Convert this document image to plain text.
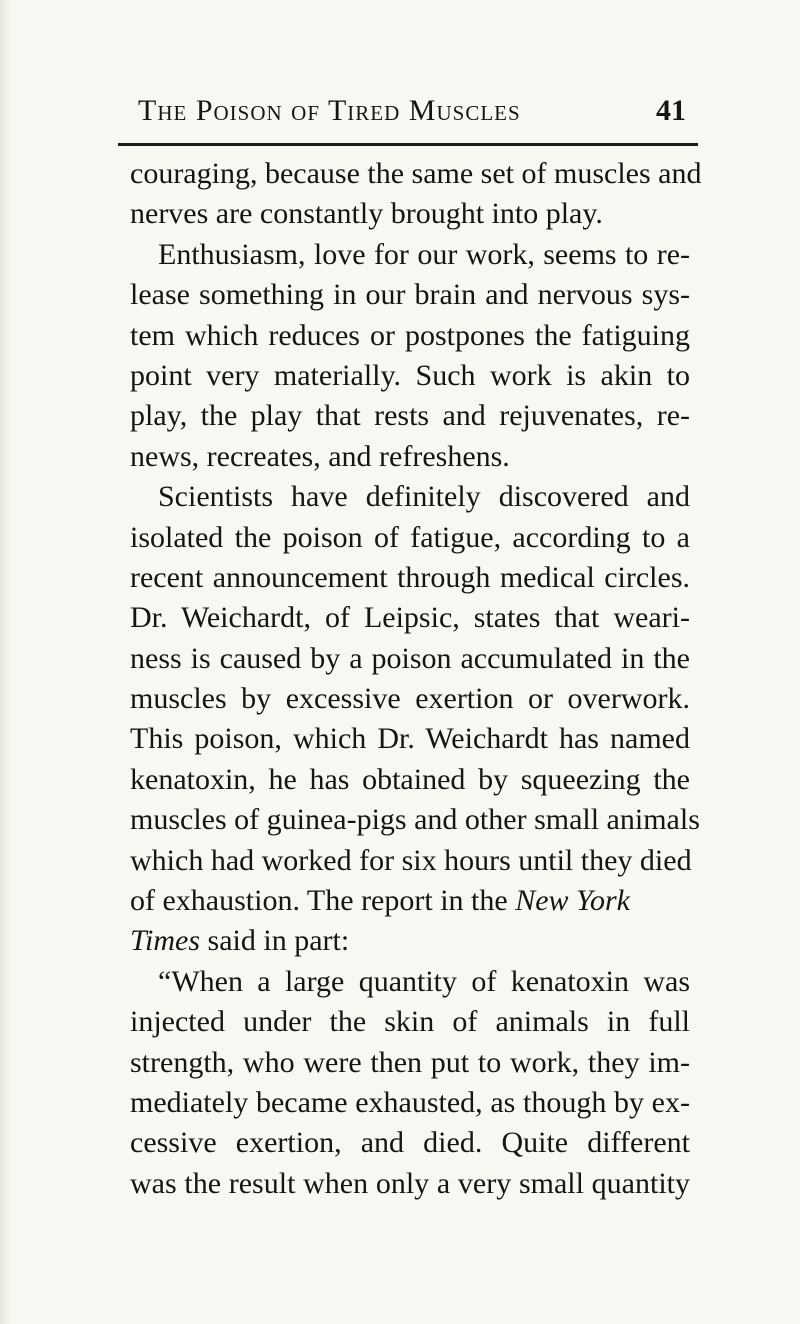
The Poison of Tired Muscles	41
couraging, because the same set of muscles and
nerves are constantly brought into play.
Enthusiasm, love for our work, seems to re-
lease something in our brain and nervous sys-
tem which reduces or postpones the fatiguing
point very materially. Such work is akin to
play, the play that rests and rejuvenates, re-
news, recreates, and refreshens.
Scientists have definitely discovered and
isolated the poison of fatigue, according to a
recent announcement through medical circles.
Dr. Weichardt, of Leipsic, states that weari-
ness is caused by a poison accumulated in the
muscles by excessive exertion or overwork.
This poison, which Dr. Weichardt has named
kenatoxin, he has obtained by squeezing the
muscles of guinea-pigs and other small animals
which had worked for six hours until they died
of exhaustion. The report in the New York
Times said in part:
“When a large quantity of kenatoxin was
injected under the skin of animals in full
strength, who were then put to work, they im-
mediately became exhausted, as though by ex-
cessive exertion, and died. Quite different
was the result when only a very small quantity
